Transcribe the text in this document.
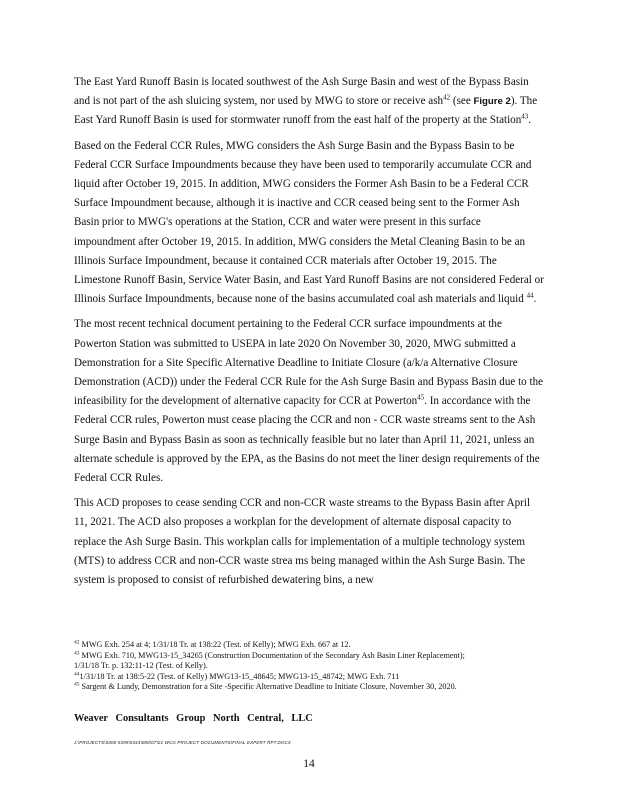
The East Yard Runoff Basin is located southwest of the Ash Surge Basin and west of the Bypass Basin and is not part of the ash sluicing system, nor used by MWG to store or receive ash$^{42}$ (see Figure 2). The East Yard Runoff Basin is used for stormwater runoff from the east half of the property at the Station$^{43}$.

Based on the Federal CCR Rules, MWG considers the Ash Surge Basin and the Bypass Basin to be Federal CCR Surface Impoundments because they have been used to temporarily accumulate CCR and liquid after October 19, 2015. In addition, MWG considers the Former Ash Basin to be a Federal CCR Surface Impoundment because, although it is inactive and CCR ceased being sent to the Former Ash Basin prior to MWG's operations at the Station, CCR and water were present in this surface impoundment after October 19, 2015. In addition, MWG considers the Metal Cleaning Basin to be an Illinois Surface Impoundment, because it contained CCR materials after October 19, 2015. The Limestone Runoff Basin, Service Water Basin, and East Yard Runoff Basins are not considered Federal or Illinois Surface Impoundments, because none of the basins accumulated coal ash materials and liquid $^{44}$.

The most recent technical document pertaining to the Federal CCR surface impoundments at the Powerton Station was submitted to USEPA in late 2020 On November 30, 2020, MWG submitted a Demonstration for a Site Specific Alternative Deadline to Initiate Closure (a/k/a Alternative Closure Demonstration (ACD)) under the Federal CCR Rule for the Ash Surge Basin and Bypass Basin due to the infeasibility for the development of alternative capacity for CCR at Powerton$^{45}$. In accordance with the Federal CCR rules, Powerton must cease placing the CCR and non - CCR waste streams sent to the Ash Surge Basin and Bypass Basin as soon as technically feasible but no later than April 11, 2021, unless an alternate schedule is approved by the EPA, as the Basins do not meet the liner design requirements of the Federal CCR Rules.

This ACD proposes to cease sending CCR and non-CCR waste streams to the Bypass Basin after April 11, 2021. The ACD also proposes a workplan for the development of alternate disposal capacity to replace the Ash Surge Basin. This workplan calls for implementation of a multiple technology system (MTS) to address CCR and non-CCR waste strea ms being managed within the Ash Surge Basin. The system is proposed to consist of refurbished dewatering bins, a new

$^{42}$ MWG Exh. 254 at 4; 1/31/18 Tr. at 138:22 (Test. of Kelly); MWG Exh. 667 at 12.
$^{43}$ MWG Exh. 710, MWG13-15_34265 (Construction Documentation of the Secondary Ash Basin Liner Replacement);
1/31/18 Tr. p. 132:11-12 (Test. of Kelly).
$^{44}$1/31/18 Tr. at 138:5-22 (Test. of Kelly) MWG13-15_48645; MWG13-15_48742; MWG Exh. 711
$^{45}$ Sargent & Lundy, Demonstration for a Site -Specific Alternative Deadline to Initiate Closure, November 30, 2020.
Weaver Consultants Group North Central, LLC
J:\PROJECTS\5000-5399\5344\000\07\01 WCG PROJECT DOCUMENTS\FINAL EXPERT RPT.DOCX
14
